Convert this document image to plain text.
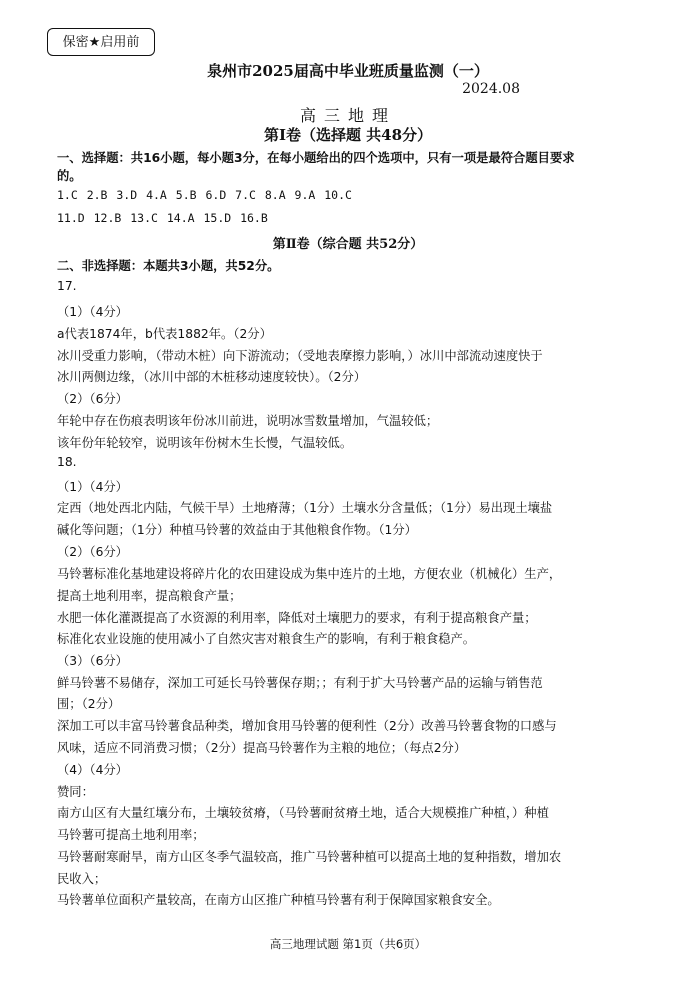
保密★启用前
泉州市2025届高中毕业班质量监测（一）
2024.08
高三地理
第Ⅰ卷（选择题 共48分）
一、选择题：共16小题，每小题3分，在每小题给出的四个选项中，只有一项是最符合题目要求
的。
1.C 2.B 3.D 4.A 5.B 6.D 7.C 8.A 9.A 10.C
11.D 12.B 13.C 14.A 15.D 16.B
第Ⅱ卷（综合题 共52分）
二、非选择题：本题共3小题，共52分。
17.
（1）（4分）
a代表1874年，b代表1882年。（2分）
冰川受重力影响，（带动木桩）向下游流动；（受地表摩擦力影响，）冰川中部流动速度快于
冰川两侧边缘，（冰川中部的木桩移动速度较快）。（2分）
（2）（6分）
年轮中存在伤痕表明该年份冰川前进，说明冰雪数量增加，气温较低；
该年份年轮较窄，说明该年份树木生长慢，气温较低。
18.
（1）（4分）
定西（地处西北内陆，气候干旱）土地瘠薄；（1分）土壤水分含量低；（1分）易出现土壤盐
碱化等问题；（1分）种植马铃薯的效益由于其他粮食作物。（1分）
（2）（6分）
马铃薯标准化基地建设将碎片化的农田建设成为集中连片的土地，方便农业（机械化）生产，
提高土地利用率，提高粮食产量；
水肥一体化灌溉提高了水资源的利用率，降低对土壤肥力的要求，有利于提高粮食产量；
标准化农业设施的使用减小了自然灾害对粮食生产的影响，有利于粮食稳产。
（3）（6分）
鲜马铃薯不易储存，深加工可延长马铃薯保存期；；有利于扩大马铃薯产品的运输与销售范
围；（2分）
深加工可以丰富马铃薯食品种类，增加食用马铃薯的便利性（2分）改善马铃薯食物的口感与
风味，适应不同消费习惯；（2分）提高马铃薯作为主粮的地位；（每点2分）
（4）（4分）
赞同：
南方山区有大量红壤分布，土壤较贫瘠，（马铃薯耐贫瘠土地，适合大规模推广种植，）种植
马铃薯可提高土地利用率；
马铃薯耐寒耐旱，南方山区冬季气温较高，推广马铃薯种植可以提高土地的复种指数，增加农
民收入；
马铃薯单位面积产量较高，在南方山区推广种植马铃薯有利于保障国家粮食安全。
高三地理试题 第1页（共6页）
